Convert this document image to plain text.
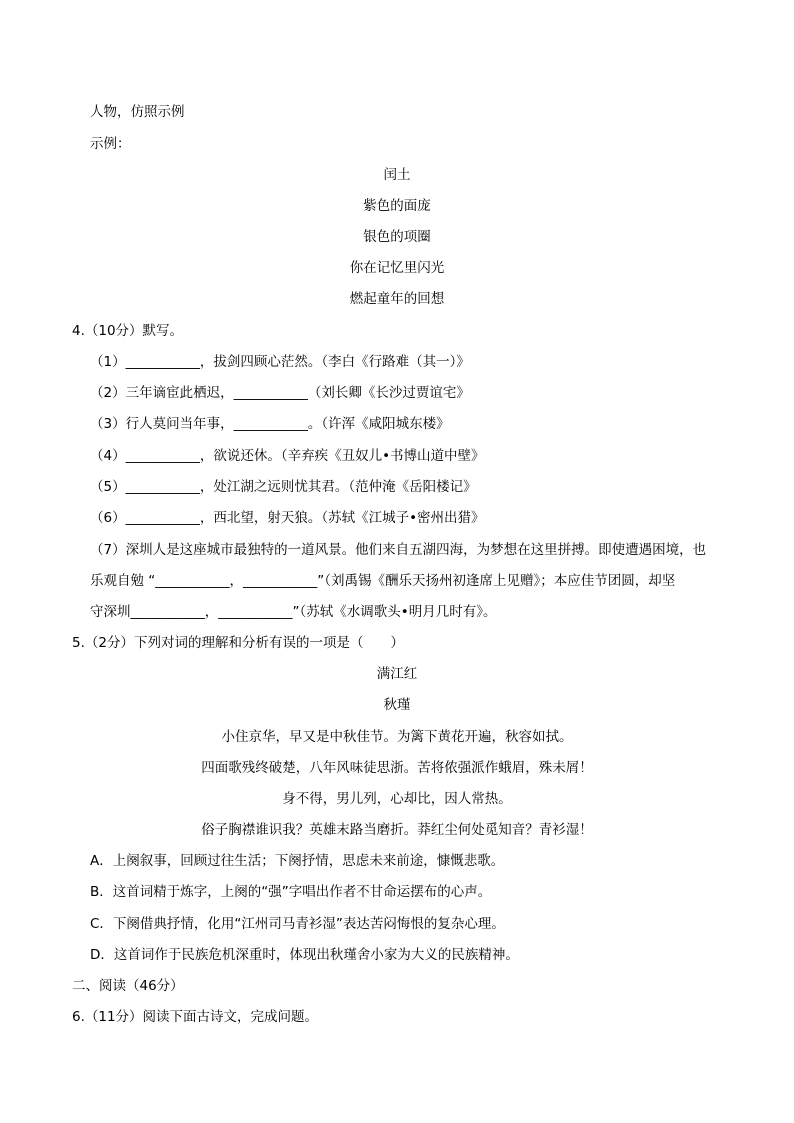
人物，仿照示例
示例：
闰土
紫色的面庞
银色的项圈
你在记忆里闪光
燃起童年的回想
4.（10分）默写。
（1）___________，拔剑四顾心茫然。（李白《行路难（其一）》
（2）三年谪宦此栖迟，___________（刘长卿《长沙过贾谊宅》
（3）行人莫问当年事，___________。（许浑《咸阳城东楼》
（4）___________，欲说还休。（辛弃疾《丑奴儿•书博山道中壁》
（5）___________，处江湖之远则忧其君。（范仲淹《岳阳楼记》
（6）___________，西北望，射天狼。（苏轼《江城子•密州出猎》
（7）深圳人是这座城市最独特的一道风景。他们来自五湖四海，为梦想在这里拼搏。即使遭遇困境，也
乐观自勉 “___________，___________”（刘禹锡《酬乐天扬州初逢席上见赠》；本应佳节团圆，却坚
守深圳___________，___________”（苏轼《水调歌头•明月几时有》。
5.（2分）下列对词的理解和分析有误的一项是（　　）
满江红
秋瑾
小住京华，早又是中秋佳节。为篱下黄花开遍，秋容如拭。
四面歌残终破楚，八年风味徒思浙。苦将侬强派作蛾眉，殊未屑！
身不得，男儿列，心却比，因人常热。
俗子胸襟谁识我？英雄末路当磨折。莽红尘何处觅知音？青衫湿！
A．上阕叙事，回顾过往生活；下阕抒情，思虑未来前途，慷慨悲歌。
B．这首词精于炼字，上阕的“强”字唱出作者不甘命运摆布的心声。
C．下阕借典抒情，化用“江州司马青衫湿”表达苦闷悔恨的复杂心理。
D．这首词作于民族危机深重时，体现出秋瑾舍小家为大义的民族精神。
二、阅读（46分）
6.（11分）阅读下面古诗文，完成问题。
